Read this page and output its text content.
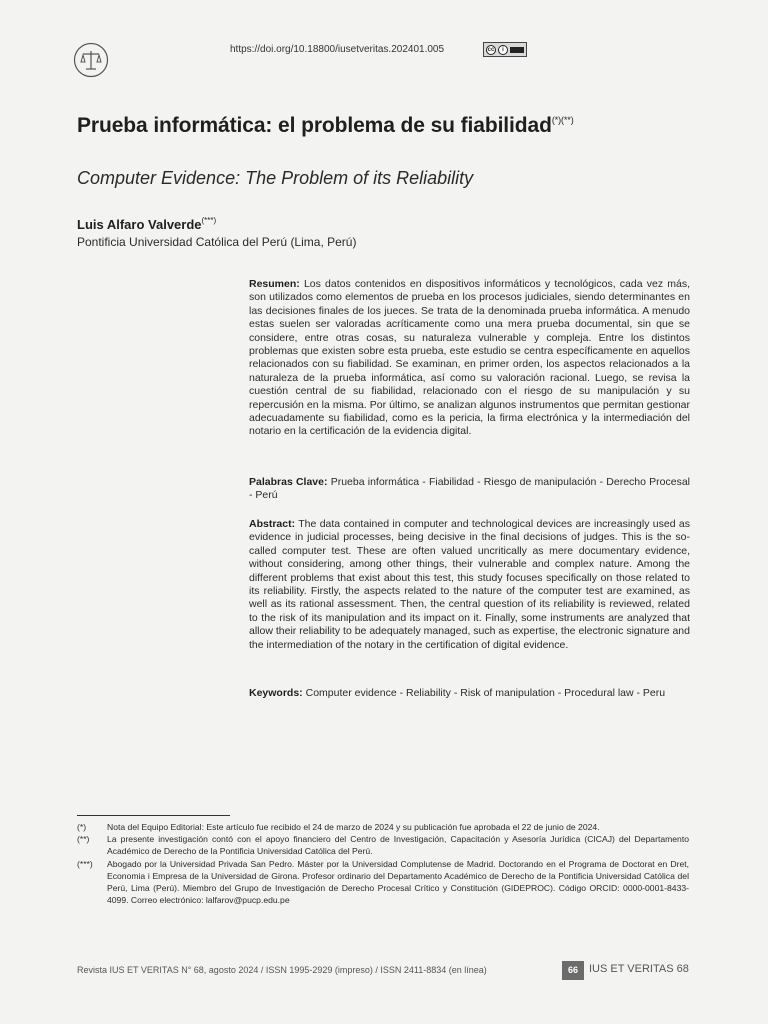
https://doi.org/10.18800/iusetveritas.202401.005	cc	i
Prueba informática: el problema de su fiabilidad(*)(**)
Computer Evidence: The Problem of its Reliability
Luis Alfaro Valverde(***)
Pontificia Universidad Católica del Perú (Lima, Perú)
Resumen: Los datos contenidos en dispositivos informáticos y tecnológicos, cada vez más, son utilizados como elementos de prueba en los procesos judiciales, siendo determinantes en las decisiones finales de los jueces. Se trata de la denominada prueba informática. A menudo estas suelen ser valoradas acríticamente como una mera prueba documental, sin que se considere, entre otras cosas, su naturaleza vulnerable y compleja. Entre los distintos problemas que existen sobre esta prueba, este estudio se centra específicamente en aquellos relacionados con su fiabilidad. Se examinan, en primer orden, los aspectos relacionados a la naturaleza de la prueba informática, así como su valoración racional. Luego, se revisa la cuestión central de su fiabilidad, relacionado con el riesgo de su manipulación y su repercusión en la misma. Por último, se analizan algunos instrumentos que permitan gestionar adecuadamente su fiabilidad, como es la pericia, la firma electrónica y la intermediación del notario en la certificación de la evidencia digital.
Palabras Clave: Prueba informática - Fiabilidad - Riesgo de manipulación - Derecho Procesal - Perú
Abstract: The data contained in computer and technological devices are increasingly used as evidence in judicial processes, being decisive in the final decisions of judges. This is the so-called computer test. These are often valued uncritically as mere documentary evidence, without considering, among other things, their vulnerable and complex nature. Among the different problems that exist about this test, this study focuses specifically on those related to its reliability. Firstly, the aspects related to the nature of the computer test are examined, as well as its rational assessment. Then, the central question of its reliability is reviewed, related to the risk of its manipulation and its impact on it. Finally, some instruments are analyzed that allow their reliability to be adequately managed, such as expertise, the electronic signature and the intermediation of the notary in the certification of digital evidence.
Keywords: Computer evidence - Reliability - Risk of manipulation - Procedural law - Peru
(*)	Nota del Equipo Editorial: Este artículo fue recibido el 24 de marzo de 2024 y su publicación fue aprobada el 22 de junio de 2024.
(**)	La presente investigación contó con el apoyo financiero del Centro de Investigación, Capacitación y Asesoría Jurídica (CICAJ) del Departamento Académico de Derecho de la Pontificia Universidad Católica del Perú.
(***)	Abogado por la Universidad Privada San Pedro. Máster por la Universidad Complutense de Madrid. Doctorando en el Programa de Doctorat en Dret, Economia i Empresa de la Universidad de Girona. Profesor ordinario del Departamento Académico de Derecho de la Pontificia Universidad Católica del Perú, Lima (Perú). Miembro del Grupo de Investigación de Derecho Procesal Crítico y Constitución (GIDEPROC). Código ORCID: 0000-0001-8433-4099. Correo electrónico: lalfarov@pucp.edu.pe
Revista IUS ET VERITAS N° 68, agosto 2024 / ISSN 1995-2929 (impreso) / ISSN 2411-8834 (en línea)	66	IUS ET VERITAS 68
